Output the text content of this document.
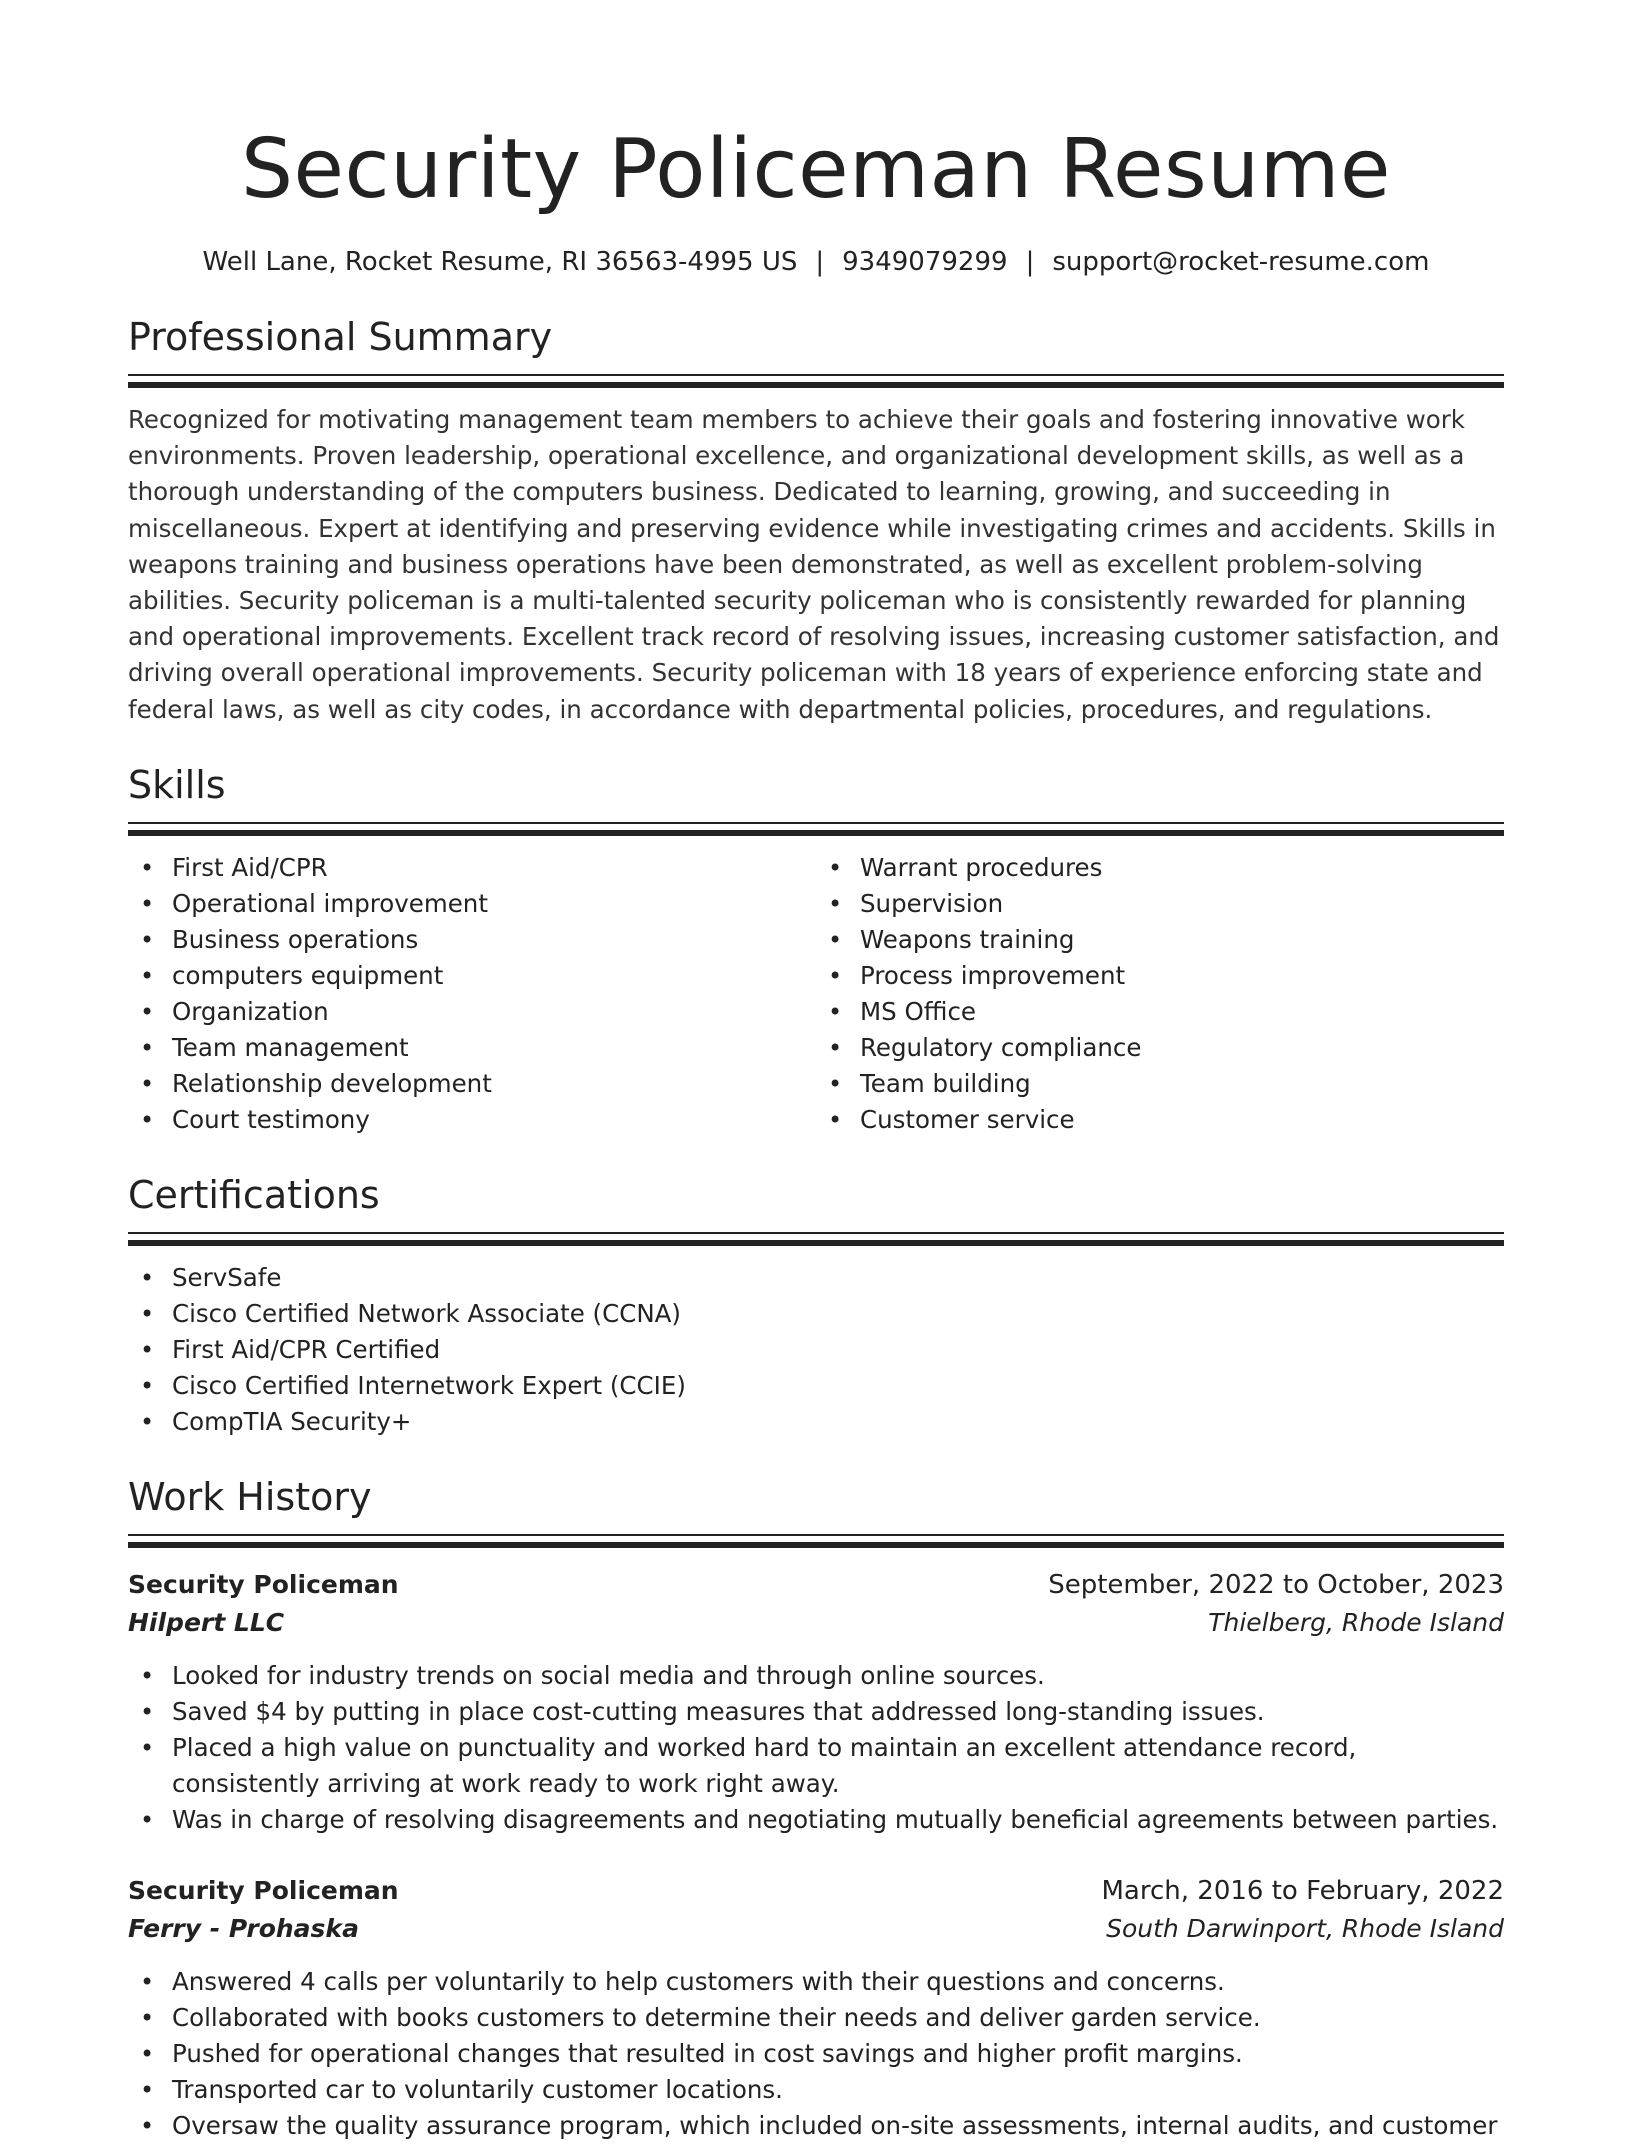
Security Policeman Resume
Well Lane, Rocket Resume, RI 36563-4995 US | 9349079299 | support@rocket-resume.com
Professional Summary
Recognized for motivating management team members to achieve their goals and fostering innovative work environments. Proven leadership, operational excellence, and organizational development skills, as well as a thorough understanding of the computers business. Dedicated to learning, growing, and succeeding in miscellaneous. Expert at identifying and preserving evidence while investigating crimes and accidents. Skills in weapons training and business operations have been demonstrated, as well as excellent problem-solving abilities. Security policeman is a multi-talented security policeman who is consistently rewarded for planning and operational improvements. Excellent track record of resolving issues, increasing customer satisfaction, and driving overall operational improvements. Security policeman with 18 years of experience enforcing state and federal laws, as well as city codes, in accordance with departmental policies, procedures, and regulations.
Skills
• First Aid/CPR
• Operational improvement
• Business operations
• computers equipment
• Organization
• Team management
• Relationship development
• Court testimony
• Warrant procedures
• Supervision
• Weapons training
• Process improvement
• MS Office
• Regulatory compliance
• Team building
• Customer service
Certifications
• ServSafe
• Cisco Certified Network Associate (CCNA)
• First Aid/CPR Certified
• Cisco Certified Internetwork Expert (CCIE)
• CompTIA Security+
Work History
Security Policeman	September, 2022 to October, 2023
Hilpert LLC	Thielberg, Rhode Island
• Looked for industry trends on social media and through online sources.
• Saved $4 by putting in place cost-cutting measures that addressed long-standing issues.
• Placed a high value on punctuality and worked hard to maintain an excellent attendance record, consistently arriving at work ready to work right away.
• Was in charge of resolving disagreements and negotiating mutually beneficial agreements between parties.
Security Policeman	March, 2016 to February, 2022
Ferry - Prohaska	South Darwinport, Rhode Island
• Answered 4 calls per voluntarily to help customers with their questions and concerns.
• Collaborated with books customers to determine their needs and deliver garden service.
• Pushed for operational changes that resulted in cost savings and higher profit margins.
• Transported car to voluntarily customer locations.
• Oversaw the quality assurance program, which included on-site assessments, internal audits, and customer
